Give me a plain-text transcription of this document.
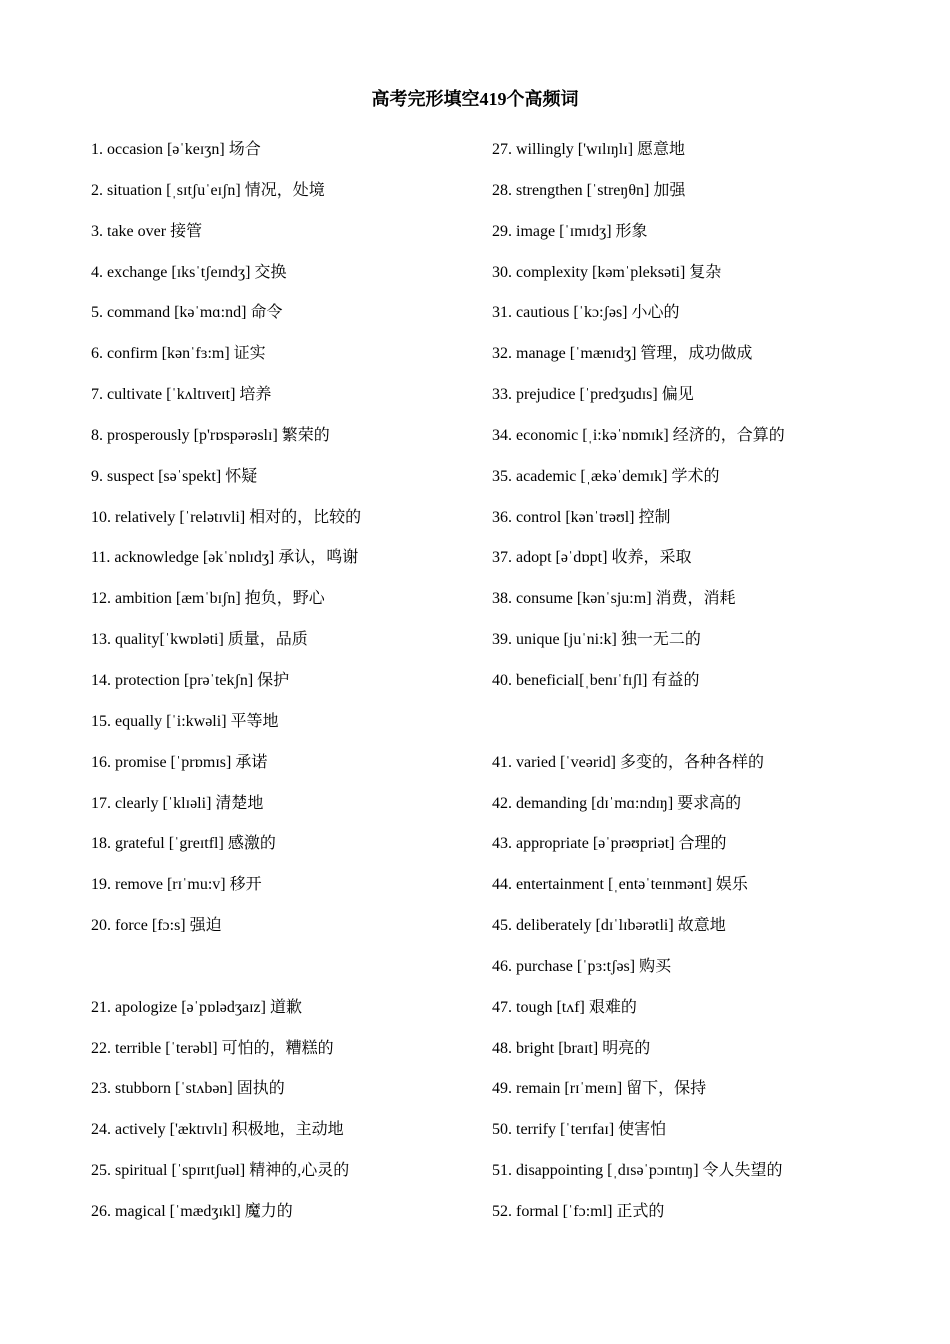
高考完形填空419个高频词
1. occasion [əˈkeɪʒn] 场合
2. situation [ˌsɪtʃuˈeɪʃn] 情况，处境
3. take over 接管
4. exchange [ɪksˈtʃeɪndʒ] 交换
5. command [kəˈmɑ:nd] 命令
6. confirm [kənˈfɜ:m] 证实
7. cultivate [ˈkʌltɪveɪt] 培养
8. prosperously [p'rɒspərəslɪ] 繁荣的
9. suspect [səˈspekt] 怀疑
10. relatively [ˈrelətɪvli] 相对的，比较的
11. acknowledge [əkˈnɒlɪdʒ] 承认，鸣谢
12. ambition [æmˈbɪʃn] 抱负，野心
13. quality[ˈkwɒləti] 质量，品质
14. protection [prəˈtekʃn] 保护
15. equally [ˈi:kwəli] 平等地
16. promise [ˈprɒmɪs] 承诺
17. clearly [ˈklɪəli] 清楚地
18. grateful [ˈgreɪtfl] 感激的
19. remove [rɪˈmu:v] 移开
20. force [fɔ:s] 强迫
21. apologize [əˈpɒlədʒaɪz] 道歉
22. terrible [ˈterəbl] 可怕的，糟糕的
23. stubborn [ˈstʌbən] 固执的
24. actively ['æktɪvlɪ] 积极地，主动地
25. spiritual [ˈspɪrɪtʃuəl] 精神的,心灵的
26. magical [ˈmædʒɪkl] 魔力的
27. willingly ['wɪlɪŋlɪ] 愿意地
28. strengthen [ˈstreŋθn] 加强
29. image [ˈɪmɪdʒ] 形象
30. complexity [kəmˈpleksəti] 复杂
31. cautious [ˈkɔ:ʃəs] 小心的
32. manage [ˈmænɪdʒ] 管理，成功做成
33. prejudice [ˈpredʒudɪs] 偏见
34. economic [ˌi:kəˈnɒmɪk] 经济的，合算的
35. academic [ˌækəˈdemɪk] 学术的
36. control [kənˈtrəʊl] 控制
37. adopt [əˈdɒpt] 收养，采取
38. consume [kənˈsju:m] 消费，消耗
39. unique [juˈni:k] 独一无二的
40. beneficial[ˌbenɪˈfɪʃl] 有益的
41. varied [ˈveərid] 多变的，各种各样的
42. demanding [dɪˈmɑ:ndɪŋ] 要求高的
43. appropriate [əˈprəʊpriət] 合理的
44. entertainment [ˌentəˈteɪnmənt] 娱乐
45. deliberately [dɪˈlɪbərətli] 故意地
46. purchase [ˈpɜ:tʃəs] 购买
47. tough [tʌf] 艰难的
48. bright [braɪt] 明亮的
49. remain [rɪˈmeɪn] 留下，保持
50. terrify [ˈterɪfaɪ] 使害怕
51. disappointing [ˌdɪsəˈpɔɪntɪŋ] 令人失望的
52. formal [ˈfɔ:ml] 正式的
